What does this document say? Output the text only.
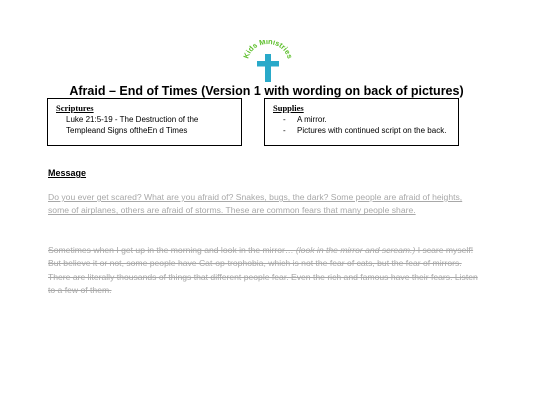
Kids Ministries
Afraid – End of Times (Version 1 with wording on back of pictures)
Scriptures
Luke 21:5-19 - The Destruction of the Templeand Signs oftheEn d Times
Supplies
- A mirror.
- Pictures with continued script on the back.
Message
Do you ever get scared? What are you afraid of? Snakes, bugs, the dark? Some people are afraid of heights, some of airplanes, others are afraid of storms. These are common fears that many people share.
Sometimes when I get up in the morning and look in the mirror… (look in the mirror and scream.) I scare myself! But believe it or not, some people have Cat-op-trophobia, which is not the fear of cats, but the fear of mirrors. There are literally thousands of things that different people fear. Even the rich and famous have their fears. Listen to a few of them.
